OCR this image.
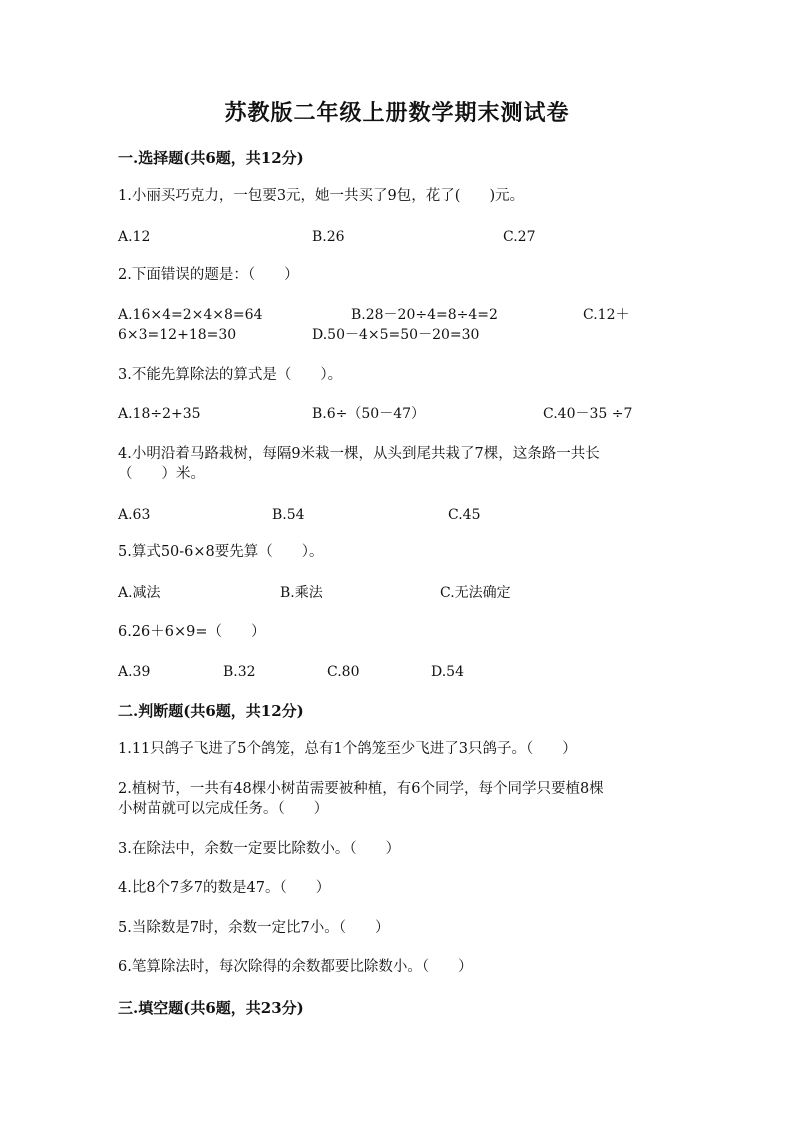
苏教版二年级上册数学期末测试卷
一.选择题(共6题，共12分)
1.小丽买巧克力，一包要3元，她一共买了9包，花了(　　)元。
A.12	B.26	C.27
2.下面错误的题是：（　　）
A.16×4=2×4×8=64	B.28－20÷4=8÷4=2	C.12＋
6×3=12+18=30	D.50－4×5=50－20=30
3.不能先算除法的算式是（　　）。
A.18÷2+35	B.6÷（50－47）	C.40－35 ÷7
4.小明沿着马路栽树，每隔9米栽一棵，从头到尾共栽了7棵，这条路一共长
（　　）米。
A.63	B.54	C.45
5.算式50-6×8要先算（　　）。
A.减法	B.乘法	C.无法确定
6.26＋6×9=（　　）
A.39	B.32	C.80	D.54
二.判断题(共6题，共12分)
1.11只鸽子飞进了5个鸽笼，总有1个鸽笼至少飞进了3只鸽子。（　　）
2.植树节，一共有48棵小树苗需要被种植，有6个同学，每个同学只要植8棵
小树苗就可以完成任务。（　　）
3.在除法中，余数一定要比除数小。（　　）
4.比8个7多7的数是47。（　　）
5.当除数是7时，余数一定比7小。（　　）
6.笔算除法时，每次除得的余数都要比除数小。（　　）
三.填空题(共6题，共23分)
